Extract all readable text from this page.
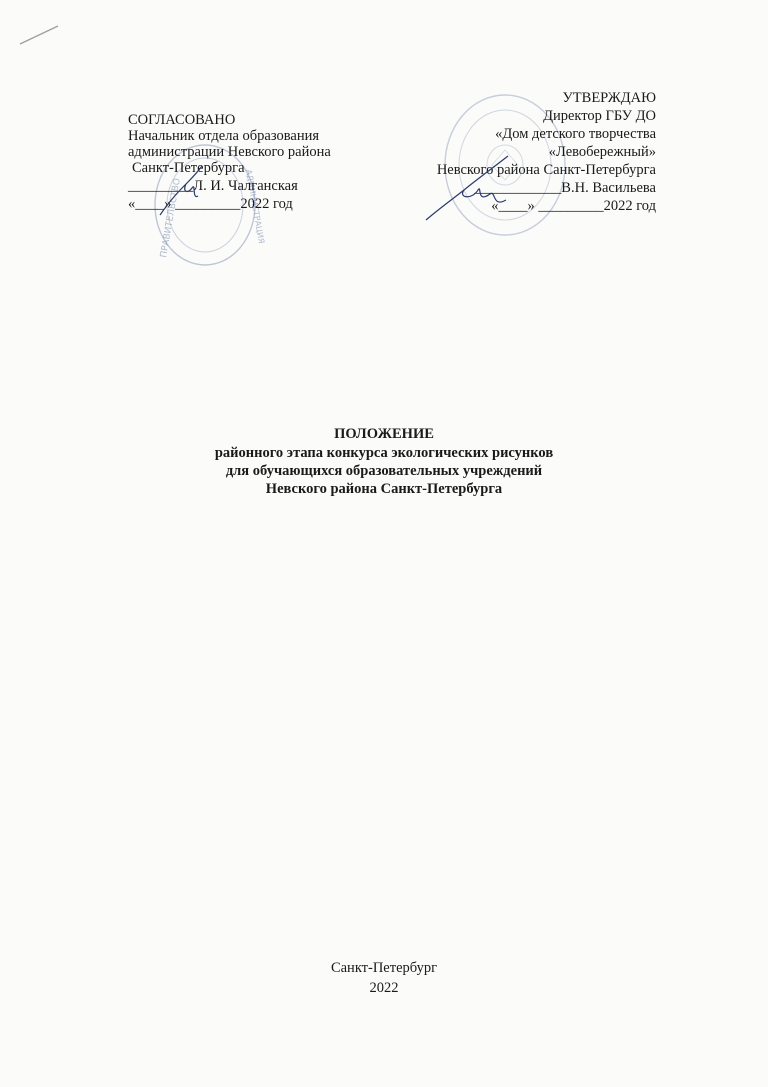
ПРАВИТЕЛЬСТВО	АДМИНИСТРАЦИЯ
СОГЛАСОВАНО
Начальник отдела образования
администрации Невского района
Санкт-Петербурга
_________Л. И. Чалганская
«____» _________2022 год
УТВЕРЖДАЮ
Директор ГБУ ДО
«Дом детского творчества
«Левобережный»
Невского района Санкт-Петербурга
____________В.Н. Васильева
«____» _________2022 год
ПОЛОЖЕНИЕ
районного этапа конкурса экологических рисунков
для обучающихся образовательных учреждений
Невского района Санкт-Петербурга
Санкт-Петербург
2022
